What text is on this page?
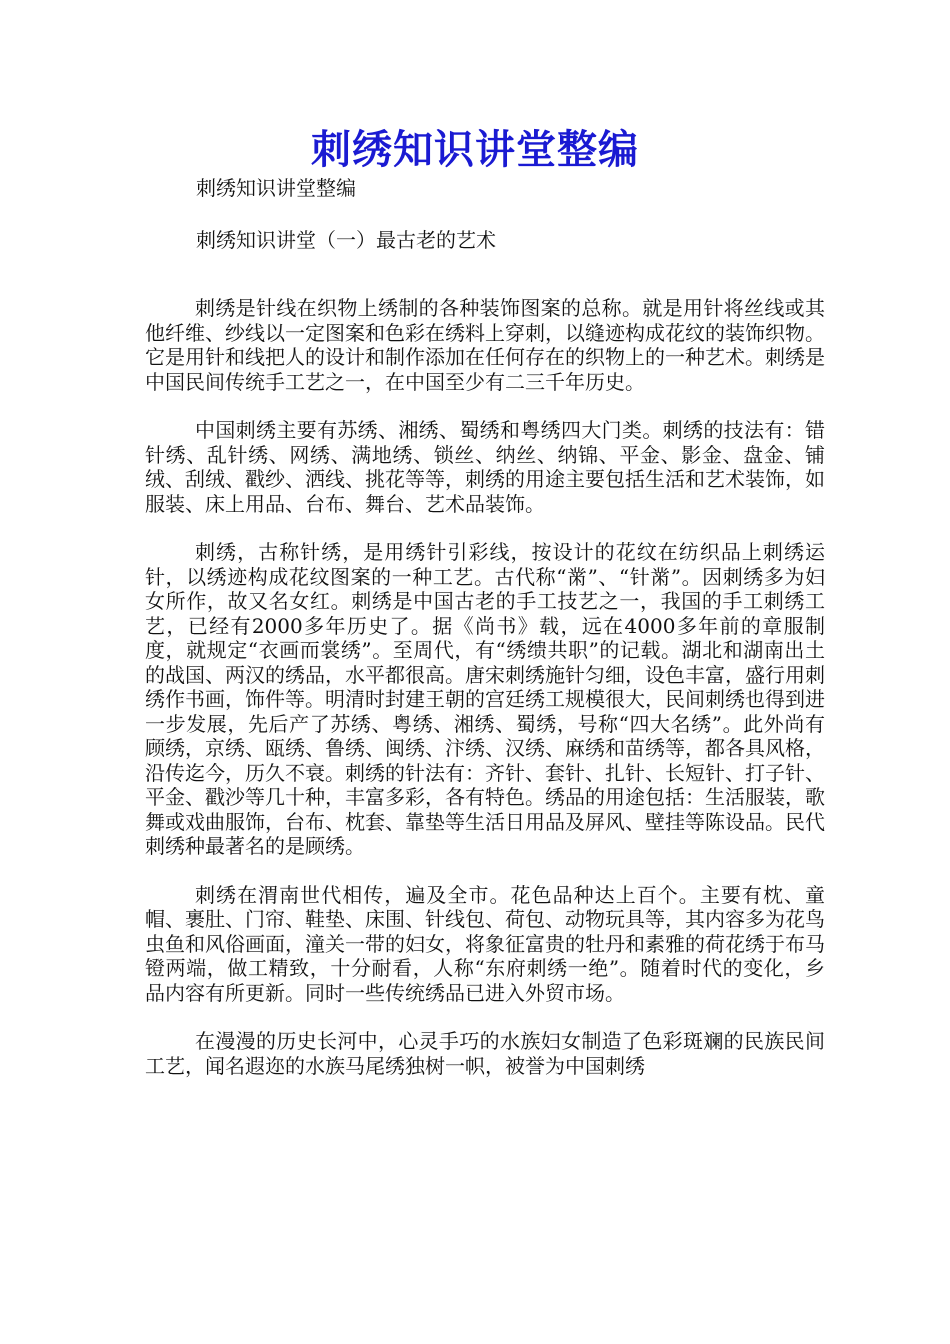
刺绣知识讲堂整编
刺绣知识讲堂整编
刺绣知识讲堂（一）最古老的艺术

刺绣是针线在织物上绣制的各种装饰图案的总称。就是用针将丝线或其他纤维、纱线以一定图案和色彩在绣料上穿刺，以缝迹构成花纹的装饰织物。它是用针和线把人的设计和制作添加在任何存在的织物上的一种艺术。刺绣是中国民间传统手工艺之一，在中国至少有二三千年历史。

中国刺绣主要有苏绣、湘绣、蜀绣和粤绣四大门类。刺绣的技法有：错针绣、乱针绣、网绣、满地绣、锁丝、纳丝、纳锦、平金、影金、盘金、铺绒、刮绒、戳纱、洒线、挑花等等，刺绣的用途主要包括生活和艺术装饰，如服装、床上用品、台布、舞台、艺术品装饰。

刺绣，古称针绣，是用绣针引彩线，按设计的花纹在纺织品上刺绣运针，以绣迹构成花纹图案的一种工艺。古代称“黹”、“针黹”。因刺绣多为妇女所作，故又名女红。刺绣是中国古老的手工技艺之一，我国的手工刺绣工艺，已经有2000多年历史了。据《尚书》载，远在4000多年前的章服制度，就规定“衣画而裳绣”。至周代，有“绣缋共职”的记载。湖北和湖南出土的战国、两汉的绣品，水平都很高。唐宋刺绣施针匀细，设色丰富，盛行用刺绣作书画，饰件等。明清时封建王朝的宫廷绣工规模很大，民间刺绣也得到进一步发展，先后产了苏绣、粤绣、湘绣、蜀绣，号称“四大名绣”。此外尚有顾绣，京绣、瓯绣、鲁绣、闽绣、汴绣、汉绣、麻绣和苗绣等，都各具风格，沿传迄今，历久不衰。刺绣的针法有：齐针、套针、扎针、长短针、打子针、平金、戳沙等几十种，丰富多彩，各有特色。绣品的用途包括：生活服装，歌舞或戏曲服饰，台布、枕套、靠垫等生活日用品及屏风、壁挂等陈设品。民代刺绣种最著名的是顾绣。

刺绣在渭南世代相传，遍及全市。花色品种达上百个。主要有枕、童帽、裹肚、门帘、鞋垫、床围、针线包、荷包、动物玩具等，其内容多为花鸟虫鱼和风俗画面，潼关一带的妇女，将象征富贵的牡丹和素雅的荷花绣于布马镫两端，做工精致，十分耐看，人称“东府刺绣一绝”。随着时代的变化，乡品内容有所更新。同时一些传统绣品已进入外贸市场。

在漫漫的历史长河中，心灵手巧的水族妇女制造了色彩斑斓的民族民间工艺，闻名遐迩的水族马尾绣独树一帜，被誉为中国刺绣
